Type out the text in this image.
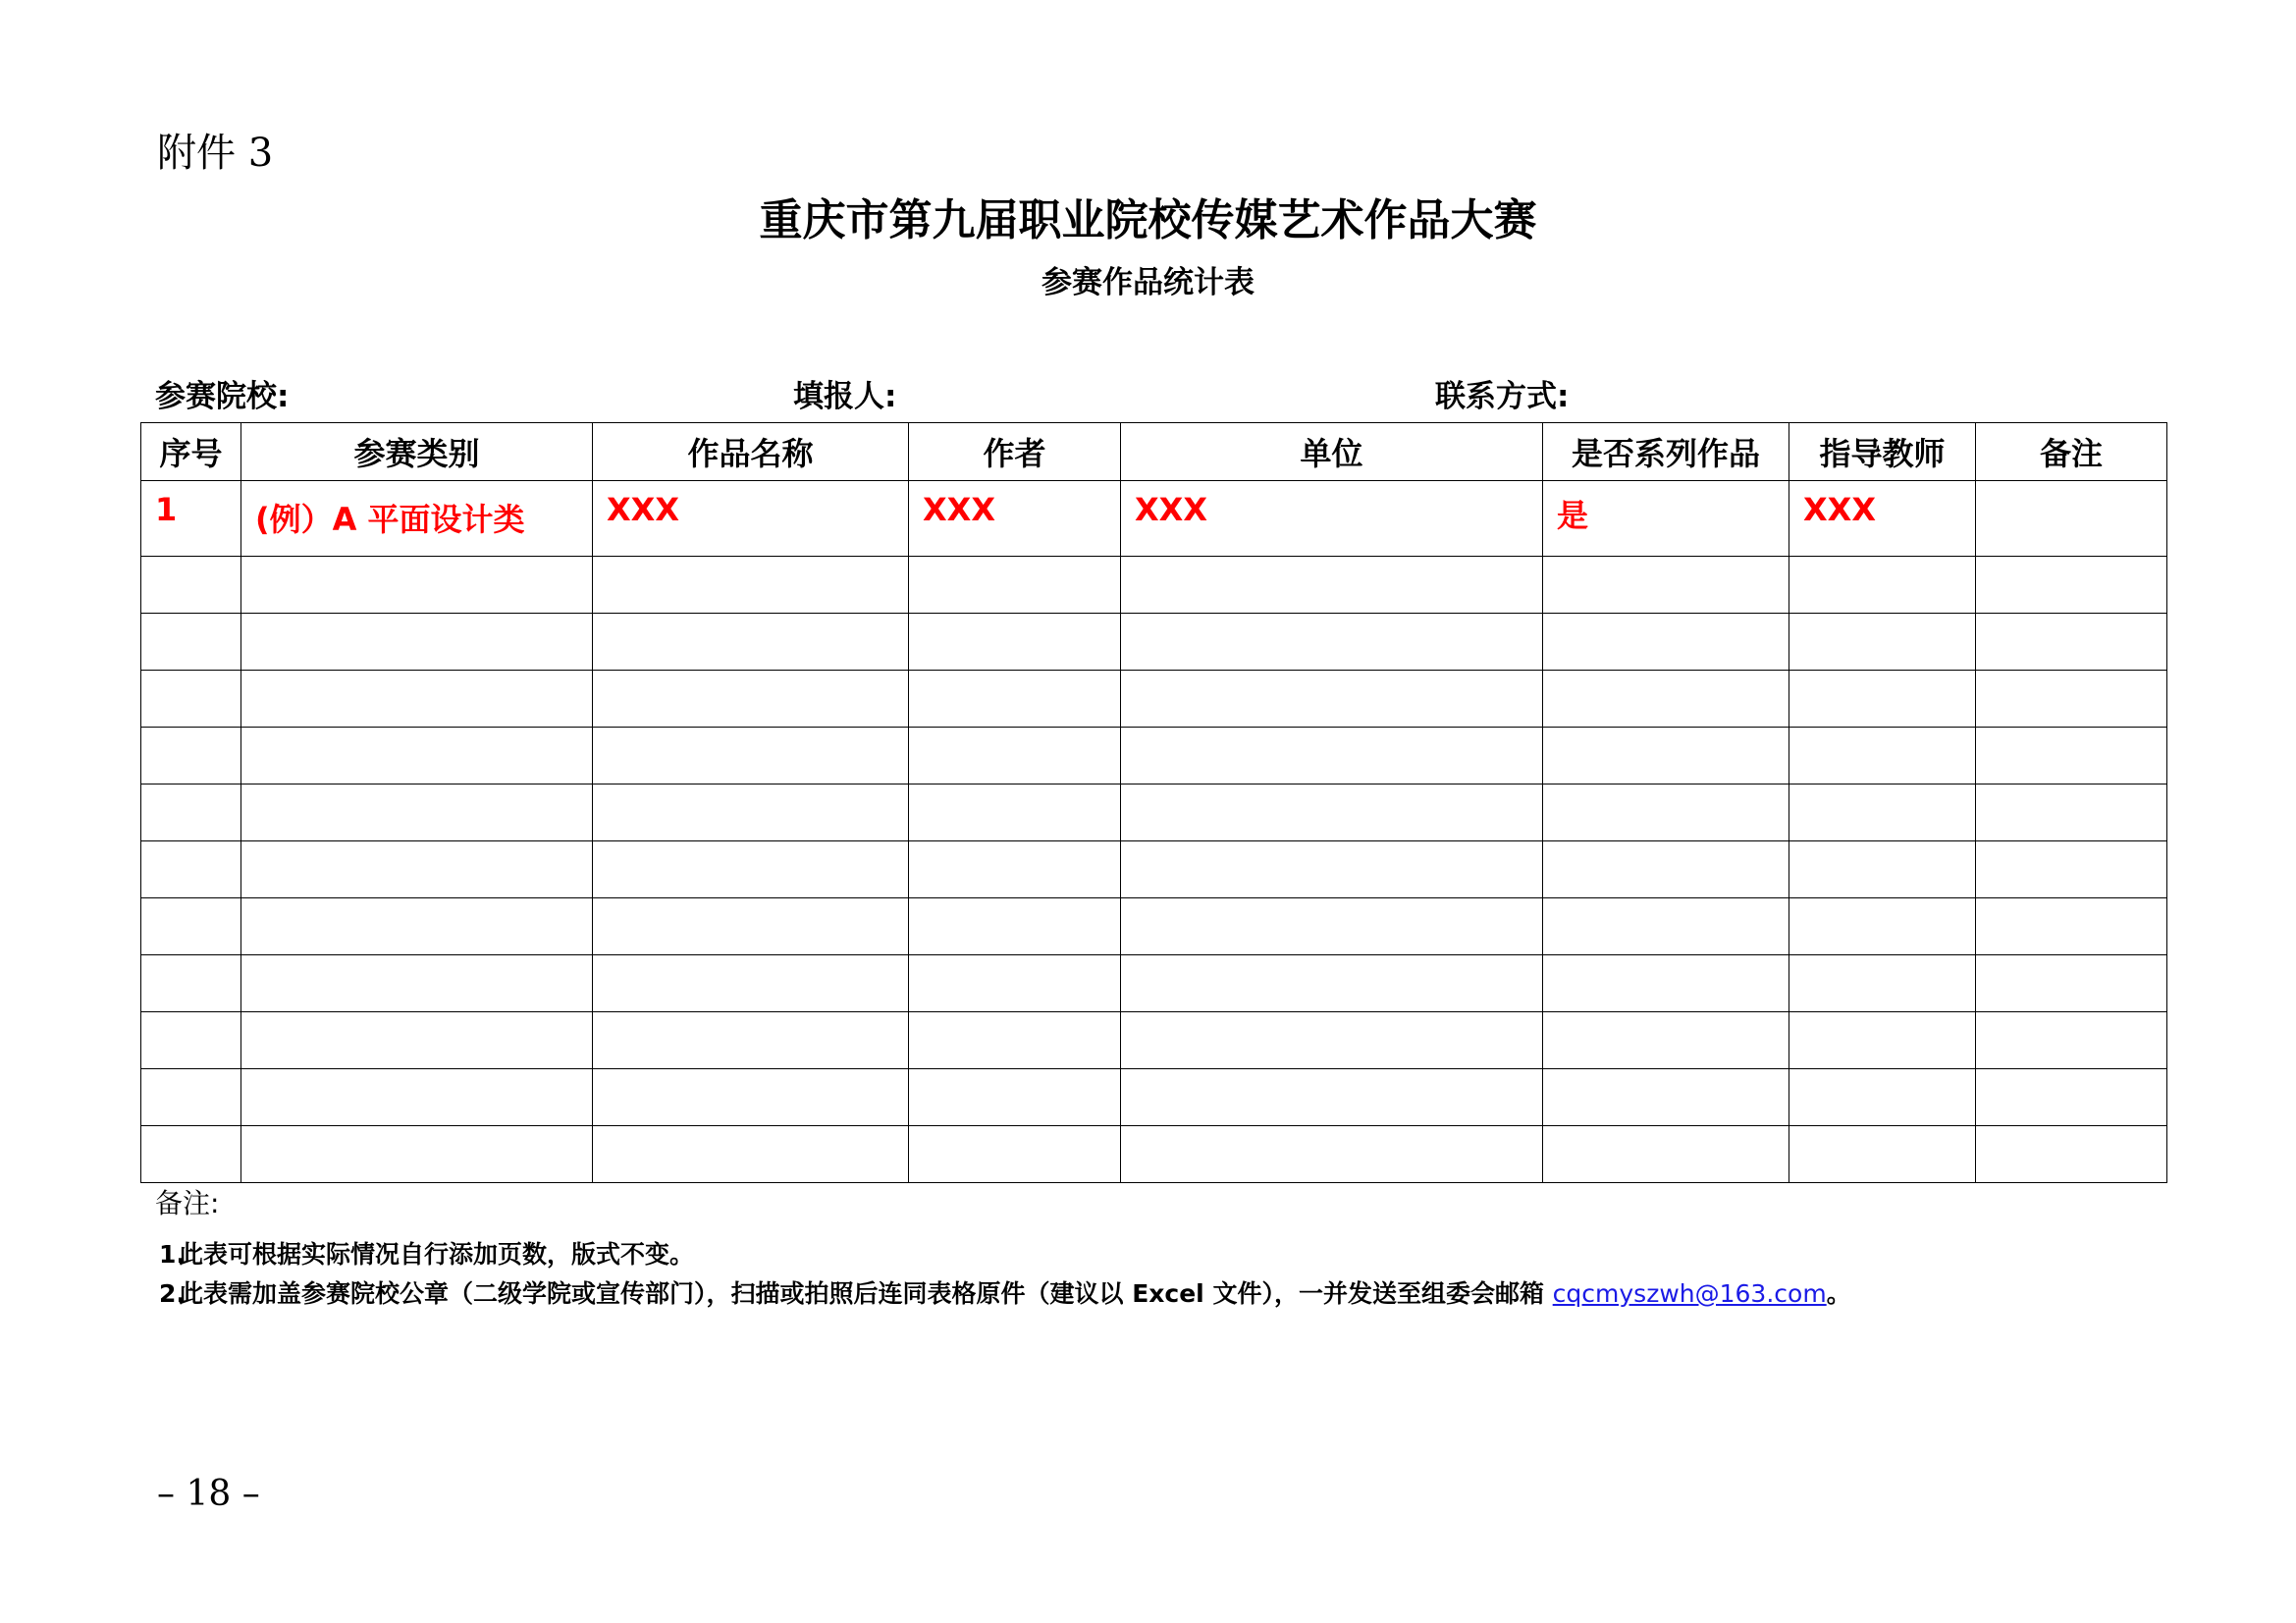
附件 3
重庆市第九届职业院校传媒艺术作品大赛
参赛作品统计表
参赛院校:	填报人:	联系方式:
序号	参赛类别	作品名称	作者	单位	是否系列作品	指导教师	备注
1	(例）A 平面设计类	XXX	XXX	XXX	是	XXX	

备注:
1.此表可根据实际情况自行添加页数，版式不变。
2.此表需加盖参赛院校公章（二级学院或宣传部门），扫描或拍照后连同表格原件（建议以 Excel 文件），一并发送至组委会邮箱 cqcmyszwh@163.com。
– 18 –
